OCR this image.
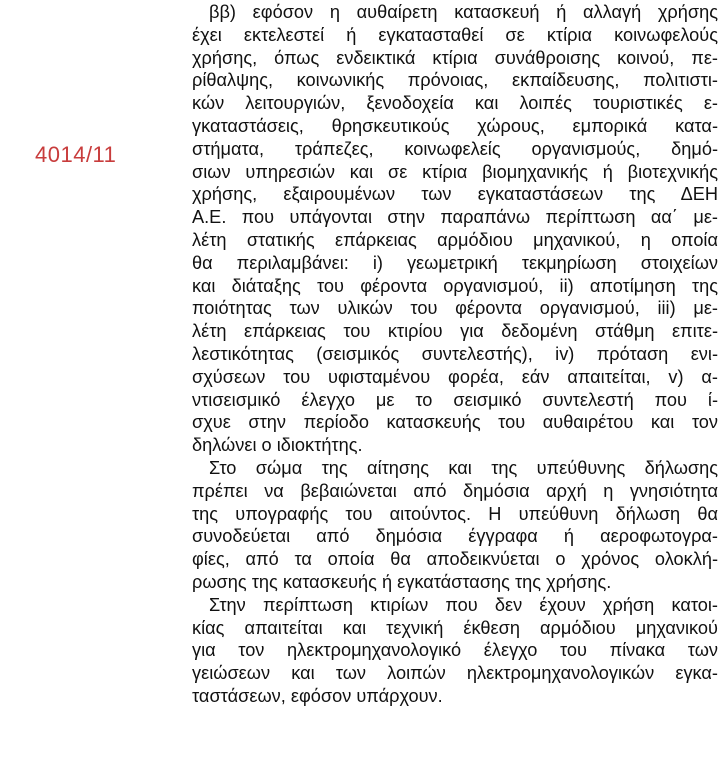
4014/11
ββ) εφόσον η αυθαίρετη κατασκευή ή αλλαγή χρήσης
έχει εκτελεστεί ή εγκατασταθεί σε κτίρια κοινωφελούς
χρήσης, όπως ενδεικτικά κτίρια συνάθροισης κοινού, πε-
ρίθαλψης, κοινωνικής πρόνοιας, εκπαίδευσης, πολιτιστι-
κών λειτουργιών, ξενοδοχεία και λοιπές τουριστικές ε-
γκαταστάσεις, θρησκευτικούς χώρους, εμπορικά κατα-
στήματα, τράπεζες, κοινωφελείς οργανισμούς, δημό-
σιων υπηρεσιών και σε κτίρια βιομηχανικής ή βιοτεχνικής
χρήσης, εξαιρουμένων των εγκαταστάσεων της ΔΕΗ
Α.Ε. που υπάγονται στην παραπάνω περίπτωση αα΄ με-
λέτη στατικής επάρκειας αρμόδιου μηχανικού, η οποία
θα περιλαμβάνει: i) γεωμετρική τεκμηρίωση στοιχείων
και διάταξης του φέροντα οργανισμού, ii) αποτίμηση της
ποιότητας των υλικών του φέροντα οργανισμού, iii) με-
λέτη επάρκειας του κτιρίου για δεδομένη στάθμη επιτε-
λεστικότητας (σεισμικός συντελεστής), iv) πρόταση ενι-
σχύσεων του υφισταμένου φορέα, εάν απαιτείται, v) α-
ντισεισμικό έλεγχο με το σεισμικό συντελεστή που ί-
σχυε στην περίοδο κατασκευής του αυθαιρέτου και τον
δηλώνει ο ιδιοκτήτης.
Στο σώμα της αίτησης και της υπεύθυνης δήλωσης
πρέπει να βεβαιώνεται από δημόσια αρχή η γνησιότητα
της υπογραφής του αιτούντος. Η υπεύθυνη δήλωση θα
συνοδεύεται από δημόσια έγγραφα ή αεροφωτογρα-
φίες, από τα οποία θα αποδεικνύεται ο χρόνος ολοκλή-
ρωσης της κατασκευής ή εγκατάστασης της χρήσης.
Στην περίπτωση κτιρίων που δεν έχουν χρήση κατοι-
κίας απαιτείται και τεχνική έκθεση αρμόδιου μηχανικού
για τον ηλεκτρομηχανολογικό έλεγχο του πίνακα των
γειώσεων και των λοιπών ηλεκτρομηχανολογικών εγκα-
ταστάσεων, εφόσον υπάρχουν.
